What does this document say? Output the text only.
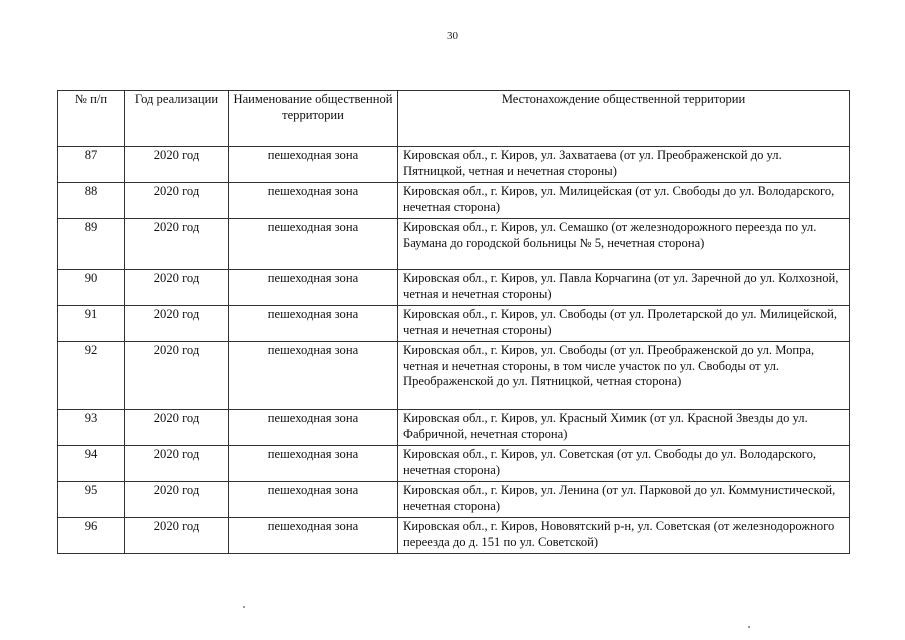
30
№ п/п	Год реализации	Наименование общественной территории	Местонахождение общественной территории
87	2020 год	пешеходная зона	Кировская обл., г. Киров, ул. Захватаева (от ул. Преображенской до ул. Пятницкой, четная и нечетная стороны)
88	2020 год	пешеходная зона	Кировская обл., г. Киров, ул. Милицейская (от ул. Свободы до ул. Володарского, нечетная сторона)
89	2020 год	пешеходная зона	Кировская обл., г. Киров, ул. Семашко (от железнодорожного переезда по ул. Баумана до городской больницы № 5, нечетная сторона)
90	2020 год	пешеходная зона	Кировская обл., г. Киров, ул. Павла Корчагина (от ул. Заречной до ул. Колхозной, четная и нечетная стороны)
91	2020 год	пешеходная зона	Кировская обл., г. Киров, ул. Свободы (от ул. Пролетарской до ул. Милицейской, четная и нечетная стороны)
92	2020 год	пешеходная зона	Кировская обл., г. Киров, ул. Свободы (от ул. Преображенской до ул. Мопра, четная и нечетная стороны, в том числе участок по ул. Свободы от ул. Преображенской до ул. Пятницкой, четная сторона)
93	2020 год	пешеходная зона	Кировская обл., г. Киров, ул. Красный Химик (от ул. Красной Звезды до ул. Фабричной, нечетная сторона)
94	2020 год	пешеходная зона	Кировская обл., г. Киров, ул. Советская (от ул. Свободы до ул. Володарского, нечетная сторона)
95	2020 год	пешеходная зона	Кировская обл., г. Киров, ул. Ленина (от ул. Парковой до ул. Коммунистической, нечетная сторона)
96	2020 год	пешеходная зона	Кировская обл., г. Киров, Нововятский р-н, ул. Советская (от железнодорожного переезда до д. 151 по ул. Советской)
